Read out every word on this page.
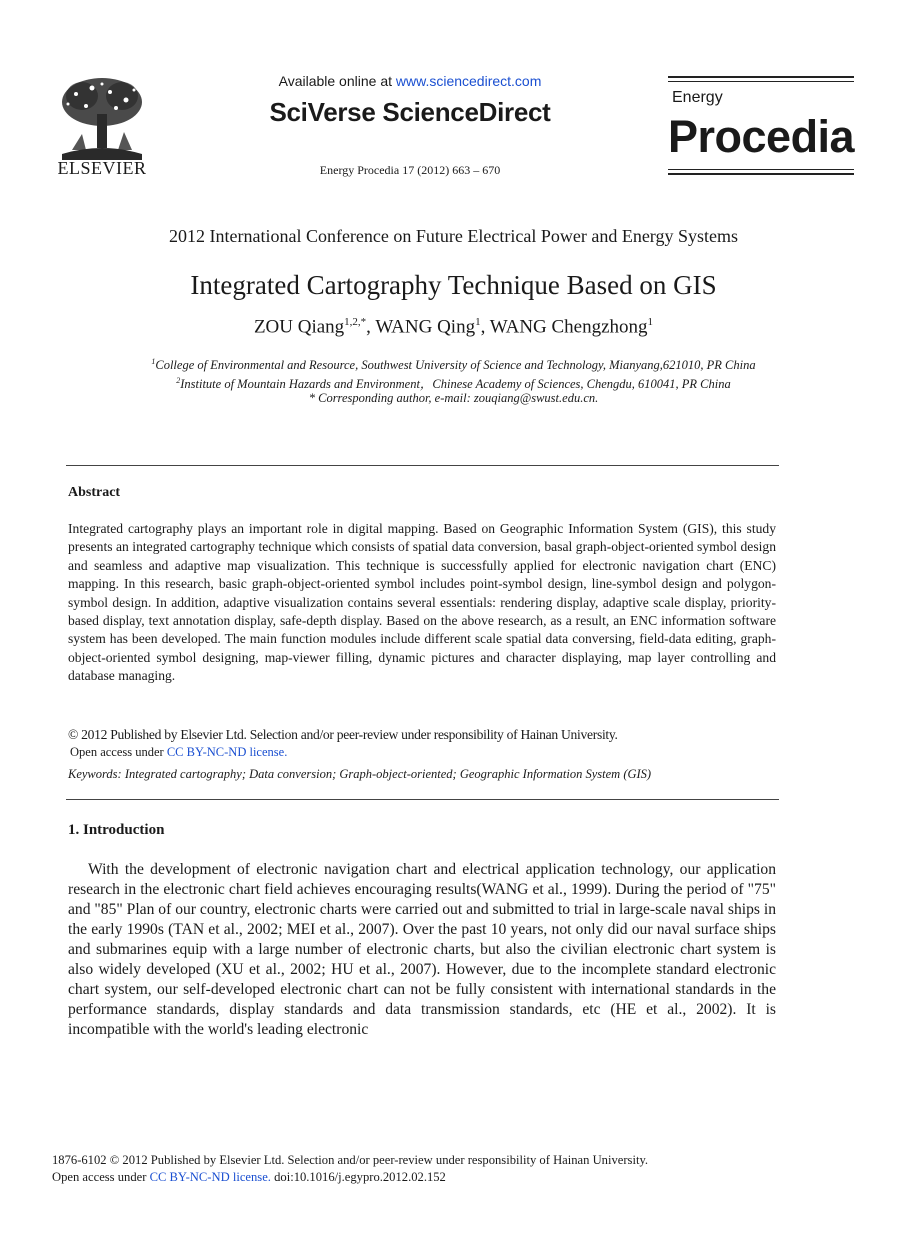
ELSEVIER
Available online at www.sciencedirect.com
SciVerse ScienceDirect
Energy Procedia 17 (2012) 663 – 670
Energy
Procedia
2012 International Conference on Future Electrical Power and Energy Systems
Integrated Cartography Technique Based on GIS
ZOU Qiang$^{1,2,*}$, WANG Qing$^1$, WANG Chengzhong$^1$
$^1$College of Environmental and Resource, Southwest University of Science and Technology, Mianyang,621010, PR China
$^2$Institute of Mountain Hazards and Environment，Chinese Academy of Sciences, Chengdu, 610041, PR China
* Corresponding author, e-mail: zouqiang@swust.edu.cn.
Abstract
Integrated cartography plays an important role in digital mapping. Based on Geographic Information System (GIS), this study presents an integrated cartography technique which consists of spatial data conversion, basal graph-object-oriented symbol design and seamless and adaptive map visualization. This technique is successfully applied for electronic navigation chart (ENC) mapping. In this research, basic graph-object-oriented symbol includes point-symbol design, line-symbol design and polygon-symbol design. In addition, adaptive visualization contains several essentials: rendering display, adaptive scale display, priority-based display, text annotation display, safe-depth display. Based on the above research, as a result, an ENC information software system has been developed. The main function modules include different scale spatial data conversing, field-data editing, graph-object-oriented symbol designing, map-viewer filling, dynamic pictures and character displaying, map layer controlling and database managing.
© 2012 Published by Elsevier Ltd. Selection and/or peer-review under responsibility of Hainan University.
Open access under CC BY-NC-ND license.
Keywords: Integrated cartography; Data conversion; Graph-object-oriented; Geographic Information System (GIS)
1. Introduction
With the development of electronic navigation chart and electrical application technology, our application research in the electronic chart field achieves encouraging results(WANG et al., 1999). During the period of "75" and "85" Plan of our country, electronic charts were carried out and submitted to trial in large-scale naval ships in the early 1990s (TAN et al., 2002; MEI et al., 2007). Over the past 10 years, not only did our naval surface ships and submarines equip with a large number of electronic charts, but also the civilian electronic chart system is also widely developed (XU et al., 2002; HU et al., 2007). However, due to the incomplete standard electronic chart system, our self-developed electronic chart can not be fully consistent with international standards in the performance standards, display standards and data transmission standards, etc (HE et al., 2002). It is incompatible with the world's leading electronic
1876-6102 © 2012 Published by Elsevier Ltd. Selection and/or peer-review under responsibility of Hainan University.
Open access under CC BY-NC-ND license. doi:10.1016/j.egypro.2012.02.152
